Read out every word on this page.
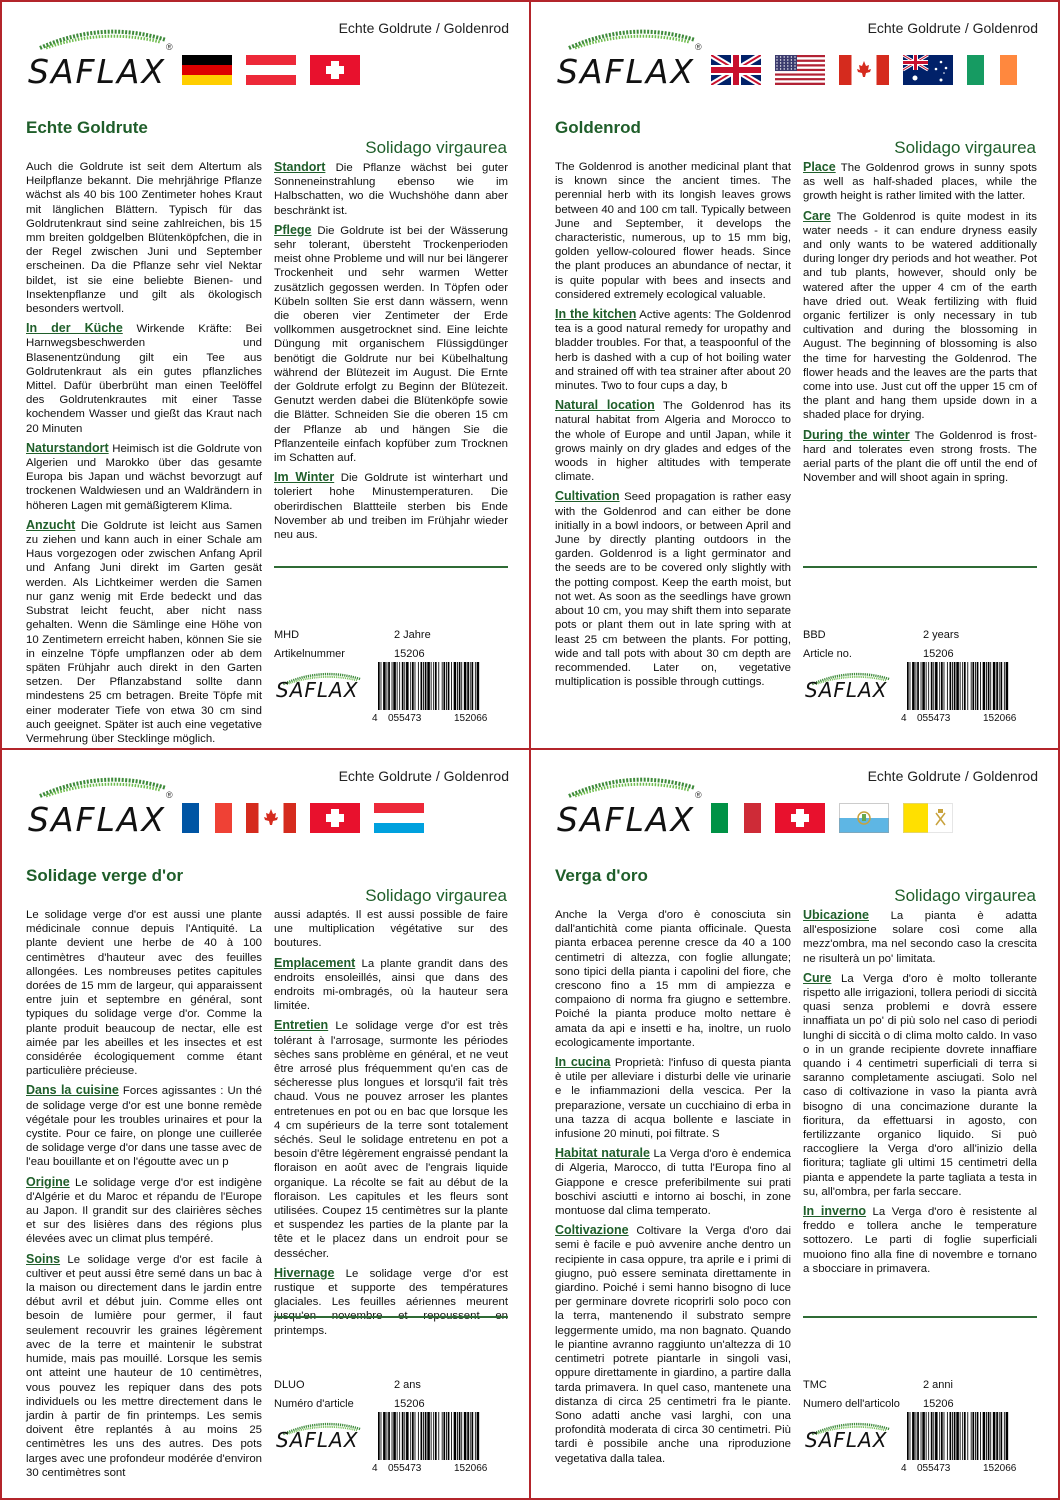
Echte Goldrute / Goldenrod
®
SAFLAX
Echte Goldrute
Solidago virgaurea

Auch die Goldrute ist seit dem Altertum als Heilpflanze bekannt. Die mehrjährige Pflanze wächst als 40 bis 100 Zentimeter hohes Kraut mit länglichen Blättern. Typisch für das Goldrutenkraut sind seine zahlreichen, bis 15 mm breiten goldgelben Blütenköpfchen, die in der Regel zwischen Juni und September erscheinen. Da die Pflanze sehr viel Nektar bildet, ist sie eine beliebte Bienen- und Insektenpflanze und gilt als ökologisch besonders wertvoll.

In der Küche Wirkende Kräfte: Bei Harnwegsbeschwerden und Blasenentzündung gilt ein Tee aus Goldrutenkraut als ein gutes pflanzliches Mittel. Dafür überbrüht man einen Teelöffel des Goldrutenkrautes mit einer Tasse kochendem Wasser und gießt das Kraut nach 20 Minuten

Naturstandort Heimisch ist die Goldrute von Algerien und Marokko über das gesamte Europa bis Japan und wächst bevorzugt auf trockenen Waldwiesen und an Waldrändern in höheren Lagen mit gemäßigterem Klima.

Anzucht Die Goldrute ist leicht aus Samen zu ziehen und kann auch in einer Schale am Haus vorgezogen oder zwischen Anfang April und Anfang Juni direkt im Garten gesät werden. Als Lichtkeimer werden die Samen nur ganz wenig mit Erde bedeckt und das Substrat leicht feucht, aber nicht nass gehalten. Wenn die Sämlinge eine Höhe von 10 Zentimetern erreicht haben, können Sie sie in einzelne Töpfe umpflanzen oder ab dem späten Frühjahr auch direkt in den Garten setzen. Der Pflanzabstand sollte dann mindestens 25 cm betragen. Breite Töpfe mit einer moderater Tiefe von etwa 30 cm sind auch geeignet. Später ist auch eine vegetative Vermehrung über Stecklinge möglich.

Standort Die Pflanze wächst bei guter Sonneneinstrahlung ebenso wie im Halbschatten, wo die Wuchshöhe dann aber beschränkt ist.

Pflege Die Goldrute ist bei der Wässerung sehr tolerant, übersteht Trockenperioden meist ohne Probleme und will nur bei längerer Trockenheit und sehr warmen Wetter zusätzlich gegossen werden. In Töpfen oder Kübeln sollten Sie erst dann wässern, wenn die oberen vier Zentimeter der Erde vollkommen ausgetrocknet sind. Eine leichte Düngung mit organischem Flüssigdünger benötigt die Goldrute nur bei Kübelhaltung während der Blütezeit im August. Die Ernte der Goldrute erfolgt zu Beginn der Blütezeit. Genutzt werden dabei die Blütenköpfe sowie die Blätter. Schneiden Sie die oberen 15 cm der Pflanze ab und hängen Sie die Pflanzenteile einfach kopfüber zum Trocknen im Schatten auf.

Im Winter Die Goldrute ist winterhart und toleriert hohe Minustemperaturen. Die oberirdischen Blattteile sterben bis Ende November ab und treiben im Frühjahr wieder neu aus.

MHD	2 Jahre
Artikelnummer	15206
SAFLAX
4 055473	152066
Echte Goldrute / Goldenrod
®
SAFLAX
Goldenrod
Solidago virgaurea

The Goldenrod is another medicinal plant that is known since the ancient times. The perennial herb with its longish leaves grows between 40 and 100 cm tall. Typically between June and September, it develops the characteristic, numerous, up to 15 mm big, golden yellow-coloured flower heads. Since the plant produces an abundance of nectar, it is quite popular with bees and insects and considered extremely ecological valuable.

In the kitchen Active agents: The Goldenrod tea is a good natural remedy for uropathy and bladder troubles. For that, a teaspoonful of the herb is dashed with a cup of hot boiling water and strained off with tea strainer after about 20 minutes. Two to four cups a day, b

Natural location The Goldenrod has its natural habitat from Algeria and Morocco to the whole of Europe and until Japan, while it grows mainly on dry glades and edges of the woods in higher altitudes with temperate climate.

Cultivation Seed propagation is rather easy with the Goldenrod and can either be done initially in a bowl indoors, or between April and June by directly planting outdoors in the garden. Goldenrod is a light germinator and the seeds are to be covered only slightly with the potting compost. Keep the earth moist, but not wet. As soon as the seedlings have grown about 10 cm, you may shift them into separate pots or plant them out in late spring with at least 25 cm between the plants. For potting, wide and tall pots with about 30 cm depth are recommended. Later on, vegetative multiplication is possible through cuttings.

Place The Goldenrod grows in sunny spots as well as half-shaded places, while the growth height is rather limited with the latter.

Care The Goldenrod is quite modest in its water needs - it can endure dryness easily and only wants to be watered additionally during longer dry periods and hot weather. Pot and tub plants, however, should only be watered after the upper 4 cm of the earth have dried out. Weak fertilizing with fluid organic fertilizer is only necessary in tub cultivation and during the blossoming in August. The beginning of blossoming is also the time for harvesting the Goldenrod. The flower heads and the leaves are the parts that come into use. Just cut off the upper 15 cm of the plant and hang them upside down in a shaded place for drying.

During the winter The Goldenrod is frost-hard and tolerates even strong frosts. The aerial parts of the plant die off until the end of November and will shoot again in spring.

BBD	2 years
Article no.	15206
SAFLAX
4 055473	152066
Echte Goldrute / Goldenrod
®
SAFLAX
Solidage verge d'or
Solidago virgaurea

Le solidage verge d'or est aussi une plante médicinale connue depuis l'Antiquité. La plante devient une herbe de 40 à 100 centimètres d'hauteur avec des feuilles allongées. Les nombreuses petites capitules dorées de 15 mm de largeur, qui apparaissent entre juin et septembre en général, sont typiques du solidage verge d'or. Comme la plante produit beaucoup de nectar, elle est aimée par les abeilles et les insectes et est considérée écologiquement comme étant particulière précieuse.

Dans la cuisine Forces agissantes : Un thé de solidage verge d'or est une bonne remède végétale pour les troubles urinaires et pour la cystite. Pour ce faire, on plonge une cuillerée de solidage verge d'or dans une tasse avec de l'eau bouillante et on l'égoutte avec un p

Origine Le solidage verge d'or est indigène d'Algérie et du Maroc et répandu de l'Europe au Japon. Il grandit sur des clairières sèches et sur des lisières dans des régions plus élevées avec un climat plus tempéré.

Soins Le solidage verge d'or est facile à cultiver et peut aussi être semé dans un bac à la maison ou directement dans le jardin entre début avril et début juin. Comme elles ont besoin de lumière pour germer, il faut seulement recouvrir les graines légèrement avec de la terre et maintenir le substrat humide, mais pas mouillé. Lorsque les semis ont atteint une hauteur de 10 centimètres, vous pouvez les repiquer dans des pots individuels ou les mettre directement dans le jardin à partir de fin printemps. Les semis doivent être replantés à au moins 25 centimètres les uns des autres. Des pots larges avec une profondeur modérée d'environ 30 centimètres sont

aussi adaptés. Il est aussi possible de faire une multiplication végétative sur des boutures.

Emplacement La plante grandit dans des endroits ensoleillés, ainsi que dans des endroits mi-ombragés, où la hauteur sera limitée.

Entretien Le solidage verge d'or est très tolérant à l'arrosage, surmonte les périodes sèches sans problème en général, et ne veut être arrosé plus fréquemment qu'en cas de sécheresse plus longues et lorsqu'il fait très chaud. Vous ne pouvez arroser les plantes entretenues en pot ou en bac que lorsque les 4 cm supérieurs de la terre sont totalement séchés. Seul le solidage entretenu en pot a besoin d'être légèrement engraissé pendant la floraison en août avec de l'engrais liquide organique. La récolte se fait au début de la floraison. Les capitules et les fleurs sont utilisées. Coupez 15 centimètres sur la plante et suspendez les parties de la plante par la tête et le placez dans un endroit pour se dessécher.

Hivernage Le solidage verge d'or est rustique et supporte des températures glaciales. Les feuilles aériennes meurent printemps.

DLUO	2 ans
Numéro d'article	15206
SAFLAX
4 055473	152066
Echte Goldrute / Goldenrod
®
SAFLAX
Verga d'oro
Solidago virgaurea

Anche la Verga d'oro è conosciuta sin dall'antichità come pianta officinale. Questa pianta erbacea perenne cresce da 40 a 100 centimetri di altezza, con foglie allungate; sono tipici della pianta i capolini del fiore, che crescono fino a 15 mm di ampiezza e compaiono di norma fra giugno e settembre. Poiché la pianta produce molto nettare è amata da api e insetti e ha, inoltre, un ruolo ecologicamente importante.

In cucina Proprietà: l'infuso di questa pianta è utile per alleviare i disturbi delle vie urinarie e le infiammazioni della vescica. Per la preparazione, versate un cucchiaino di erba in una tazza di acqua bollente e lasciate in infusione 20 minuti, poi filtrate. S

Habitat naturale La Verga d'oro è endemica di Algeria, Marocco, di tutta l'Europa fino al Giappone e cresce preferibilmente sui prati boschivi asciutti e intorno ai boschi, in zone montuose dal clima temperato.

Coltivazione Coltivare la Verga d'oro dai semi è facile e può avvenire anche dentro un recipiente in casa oppure, tra aprile e i primi di giugno, può essere seminata direttamente in giardino. Poiché i semi hanno bisogno di luce per germinare dovrete ricoprirli solo poco con la terra, mantenendo il substrato sempre leggermente umido, ma non bagnato. Quando le piantine avranno raggiunto un'altezza di 10 centimetri potrete piantarle in singoli vasi, oppure direttamente in giardino, a partire dalla tarda primavera. In quel caso, mantenete una distanza di circa 25 centimetri fra le piante. Sono adatti anche vasi larghi, con una profondità moderata di circa 30 centimetri. Più tardi è possibile anche una riproduzione vegetativa dalla talea.

Ubicazione La pianta è adatta all'esposizione solare così come alla mezz'ombra, ma nel secondo caso la crescita ne risulterà un po' limitata.

Cure La Verga d'oro è molto tollerante rispetto alle irrigazioni, tollera periodi di siccità quasi senza problemi e dovrà essere innaffiata un po' di più solo nel caso di periodi lunghi di siccità o di clima molto caldo. In vaso o in un grande recipiente dovrete innaffiare quando i 4 centimetri superficiali di terra si saranno completamente asciugati. Solo nel caso di coltivazione in vaso la pianta avrà bisogno di una concimazione durante la fioritura, da effettuarsi in agosto, con fertilizzante organico liquido. Si può raccogliere la Verga d'oro all'inizio della fioritura; tagliate gli ultimi 15 centimetri della pianta e appendete la parte tagliata a testa in su, all'ombra, per farla seccare.

In inverno La Verga d'oro è resistente al freddo e tollera anche le temperature sottozero. Le parti di foglie superficiali muoiono fino alla fine di novembre e tornano a sbocciare in primavera.

TMC	2 anni
Numero dell'articolo	15206
SAFLAX
4 055473	152066
